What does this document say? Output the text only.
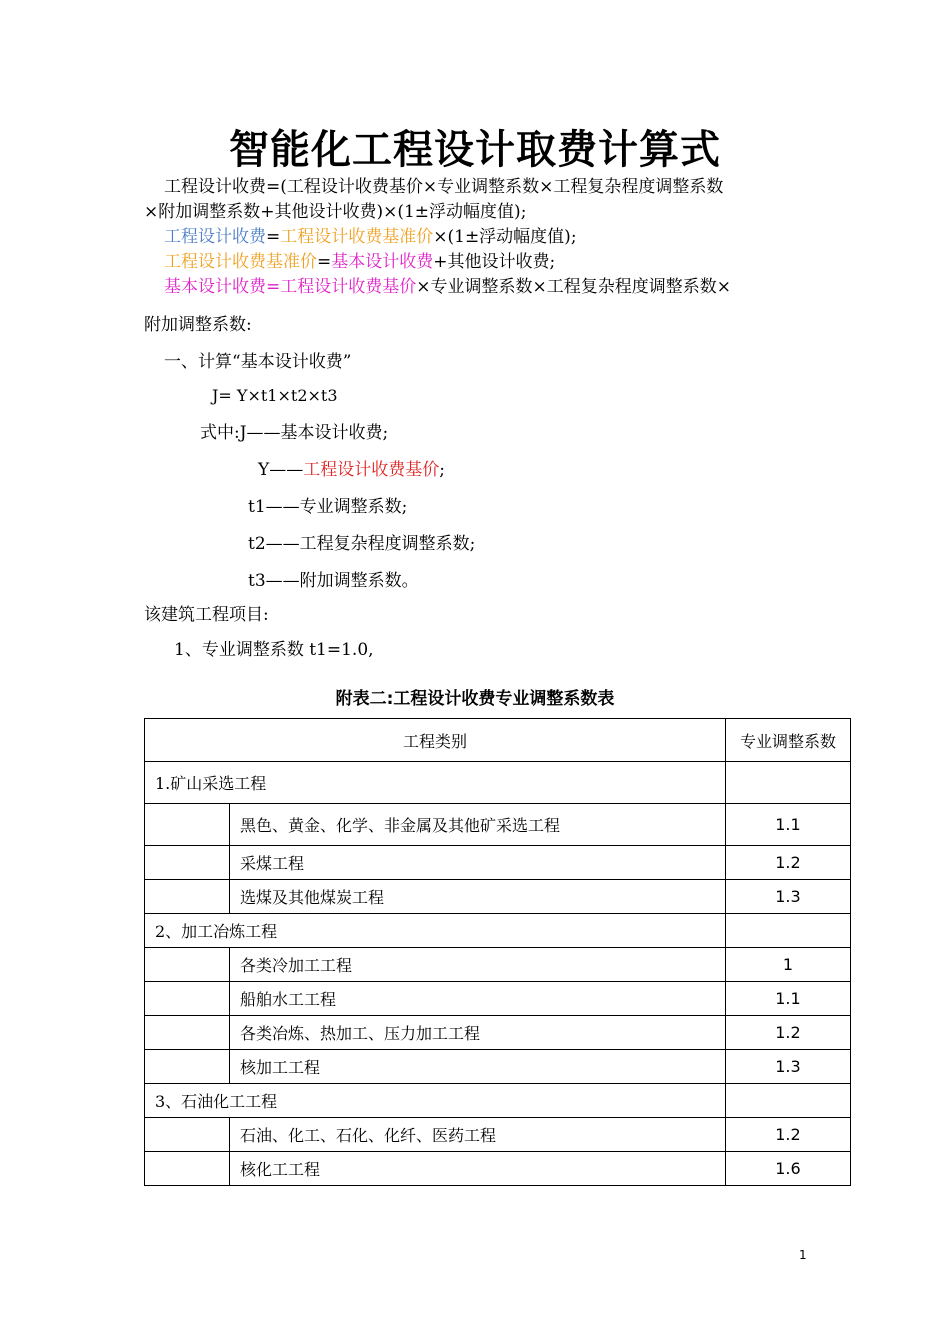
智能化工程设计取费计算式
工程设计收费=(工程设计收费基价×专业调整系数×工程复杂程度调整系数
×附加调整系数+其他设计收费)×(1±浮动幅度值);
工程设计收费=工程设计收费基准价×(1±浮动幅度值);
工程设计收费基准价=基本设计收费+其他设计收费;
基本设计收费=工程设计收费基价×专业调整系数×工程复杂程度调整系数×
附加调整系数:
一、计算“基本设计收费”
J= Y×t1×t2×t3
式中:J——基本设计收费;
Y——工程设计收费基价;
t1——专业调整系数;
t2——工程复杂程度调整系数;
t3——附加调整系数。
该建筑工程项目:
1、专业调整系数 t1=1.0,
附表二:工程设计收费专业调整系数表
工程类别		专业调整系数
1.矿山采选工程		
	黑色、黄金、化学、非金属及其他矿采选工程	1.1
	采煤工程	1.2
	选煤及其他煤炭工程	1.3
2、加工冶炼工程		
	各类冷加工工程	1
	船舶水工工程	1.1
	各类冶炼、热加工、压力加工工程	1.2
	核加工工程	1.3
3、石油化工工程		
	石油、化工、石化、化纤、医药工程	1.2
	核化工工程	1.6
1
